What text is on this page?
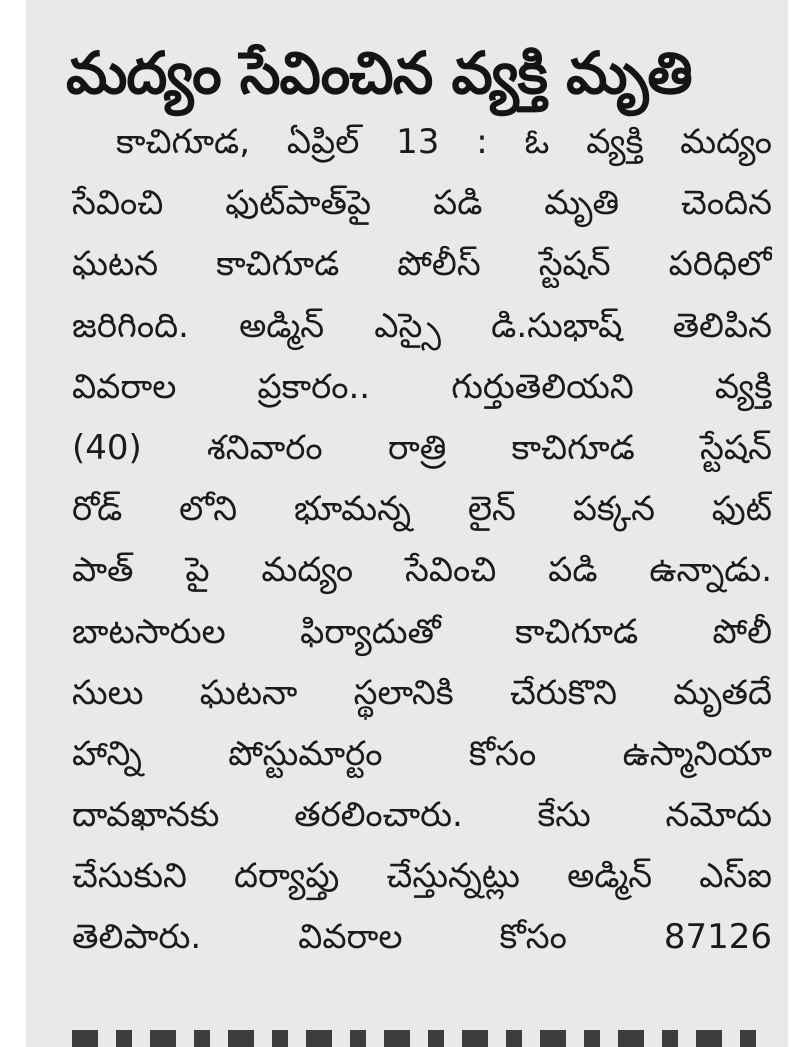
మద్యం సేవించిన వ్యక్తి మృతి
కాచిగూడ, ఏప్రిల్ 13 : ఓ వ్యక్తి మద్యం
సేవించి ఫుట్‌పాత్‌పై పడి మృతి చెందిన
ఘటన కాచిగూడ పోలీస్ స్టేషన్ పరిధిలో
జరిగింది. అడ్మిన్ ఎస్సై డి.సుభాష్ తెలిపిన
వివరాల ప్రకారం.. గుర్తుతెలియని వ్యక్తి
(40) శనివారం రాత్రి కాచిగూడ స్టేషన్
రోడ్ లోని భూమన్న లైన్ పక్కన ఫుట్
పాత్ పై మద్యం సేవించి పడి ఉన్నాడు.
బాటసారుల ఫిర్యాదుతో కాచిగూడ పోలీ
సులు ఘటనా స్థలానికి చేరుకొని మృతదే
హాన్ని పోస్టుమార్టం కోసం ఉస్మానియా
దావఖానకు తరలించారు. కేసు నమోదు
చేసుకుని దర్యాప్తు చేస్తున్నట్లు అడ్మిన్ ఎస్ఐ
తెలిపారు. వివరాల కోసం 87126
